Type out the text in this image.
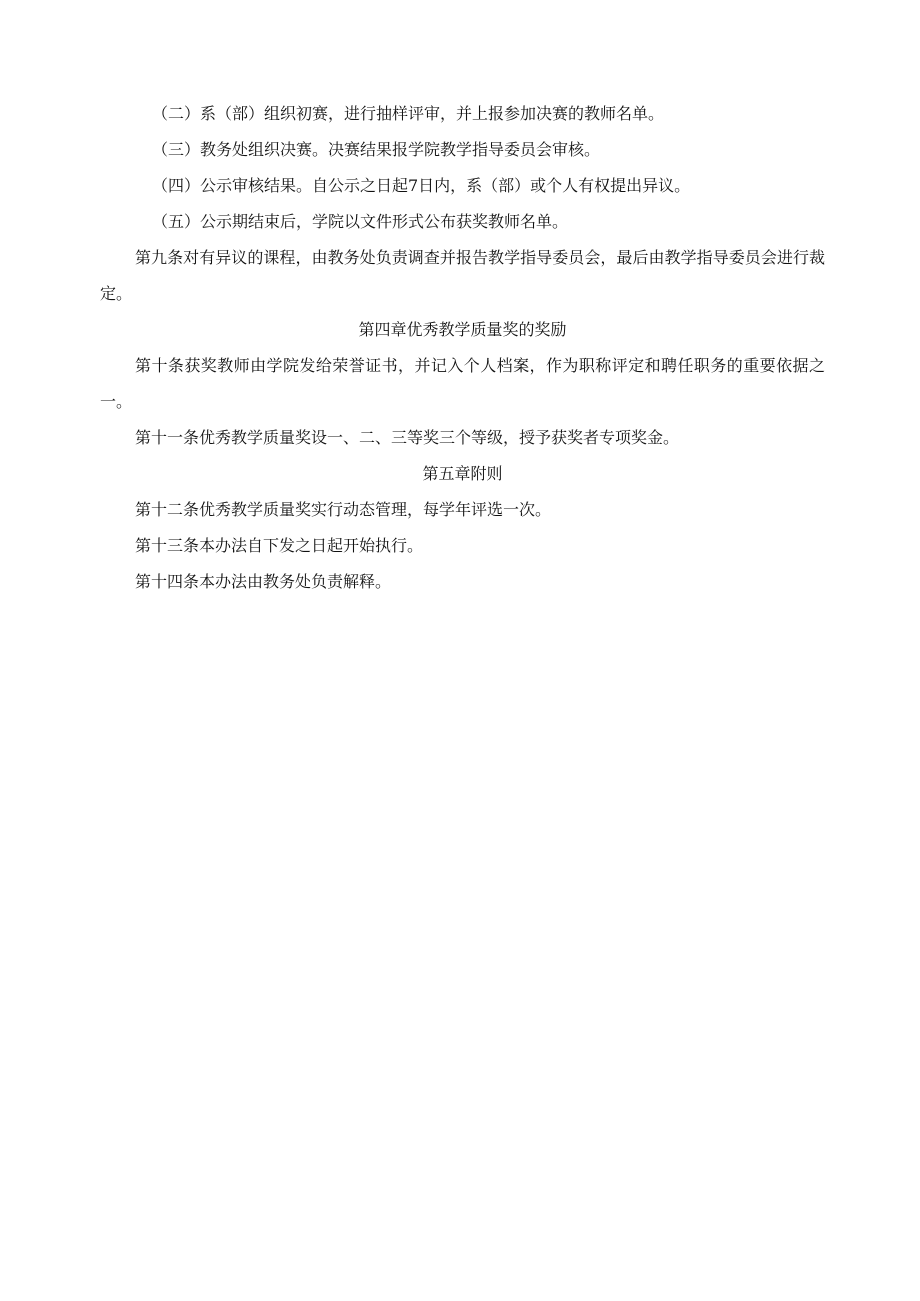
（二）系（部）组织初赛，进行抽样评审，并上报参加决赛的教师名单。
（三）教务处组织决赛。决赛结果报学院教学指导委员会审核。
（四）公示审核结果。自公示之日起7日内，系（部）或个人有权提出异议。
（五）公示期结束后，学院以文件形式公布获奖教师名单。
第九条对有异议的课程，由教务处负责调查并报告教学指导委员会，最后由教学指导委员会进行裁定。
第四章优秀教学质量奖的奖励
第十条获奖教师由学院发给荣誉证书，并记入个人档案，作为职称评定和聘任职务的重要依据之一。
第十一条优秀教学质量奖设一、二、三等奖三个等级，授予获奖者专项奖金。
第五章附则
第十二条优秀教学质量奖实行动态管理，每学年评选一次。
第十三条本办法自下发之日起开始执行。
第十四条本办法由教务处负责解释。
